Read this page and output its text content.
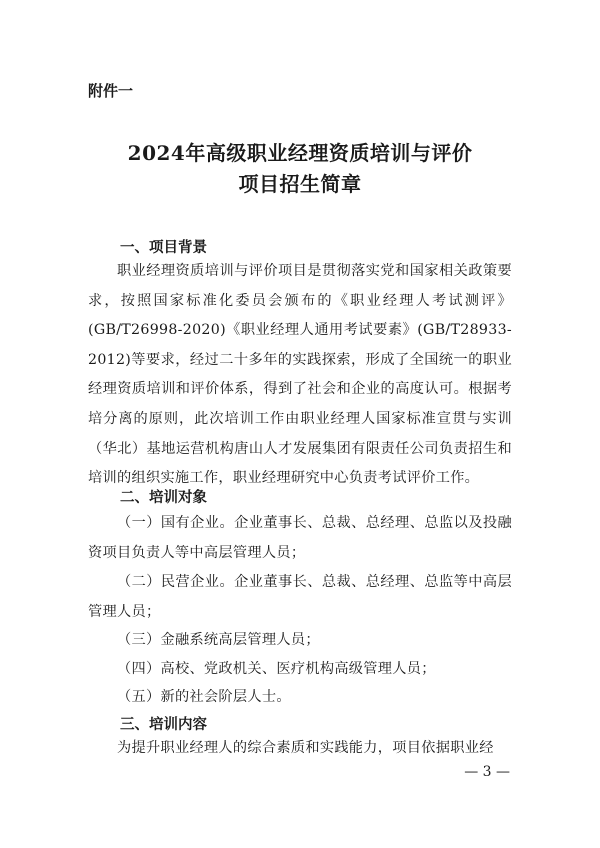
附件一
2024年高级职业经理资质培训与评价
项目招生简章
一、项目背景
职业经理资质培训与评价项目是贯彻落实党和国家相关政策要求，按照国家标准化委员会颁布的《职业经理人考试测评》(GB/T26998-2020)《职业经理人通用考试要素》(GB/T28933-2012)等要求，经过二十多年的实践探索，形成了全国统一的职业经理资质培训和评价体系，得到了社会和企业的高度认可。根据考培分离的原则，此次培训工作由职业经理人国家标准宣贯与实训（华北）基地运营机构唐山人才发展集团有限责任公司负责招生和培训的组织实施工作，职业经理研究中心负责考试评价工作。
二、培训对象
（一）国有企业。企业董事长、总裁、总经理、总监以及投融资项目负责人等中高层管理人员；
（二）民营企业。企业董事长、总裁、总经理、总监等中高层管理人员；
（三）金融系统高层管理人员；
（四）高校、党政机关、医疗机构高级管理人员；
（五）新的社会阶层人士。
三、培训内容
为提升职业经理人的综合素质和实践能力，项目依据职业经
— 3 —
